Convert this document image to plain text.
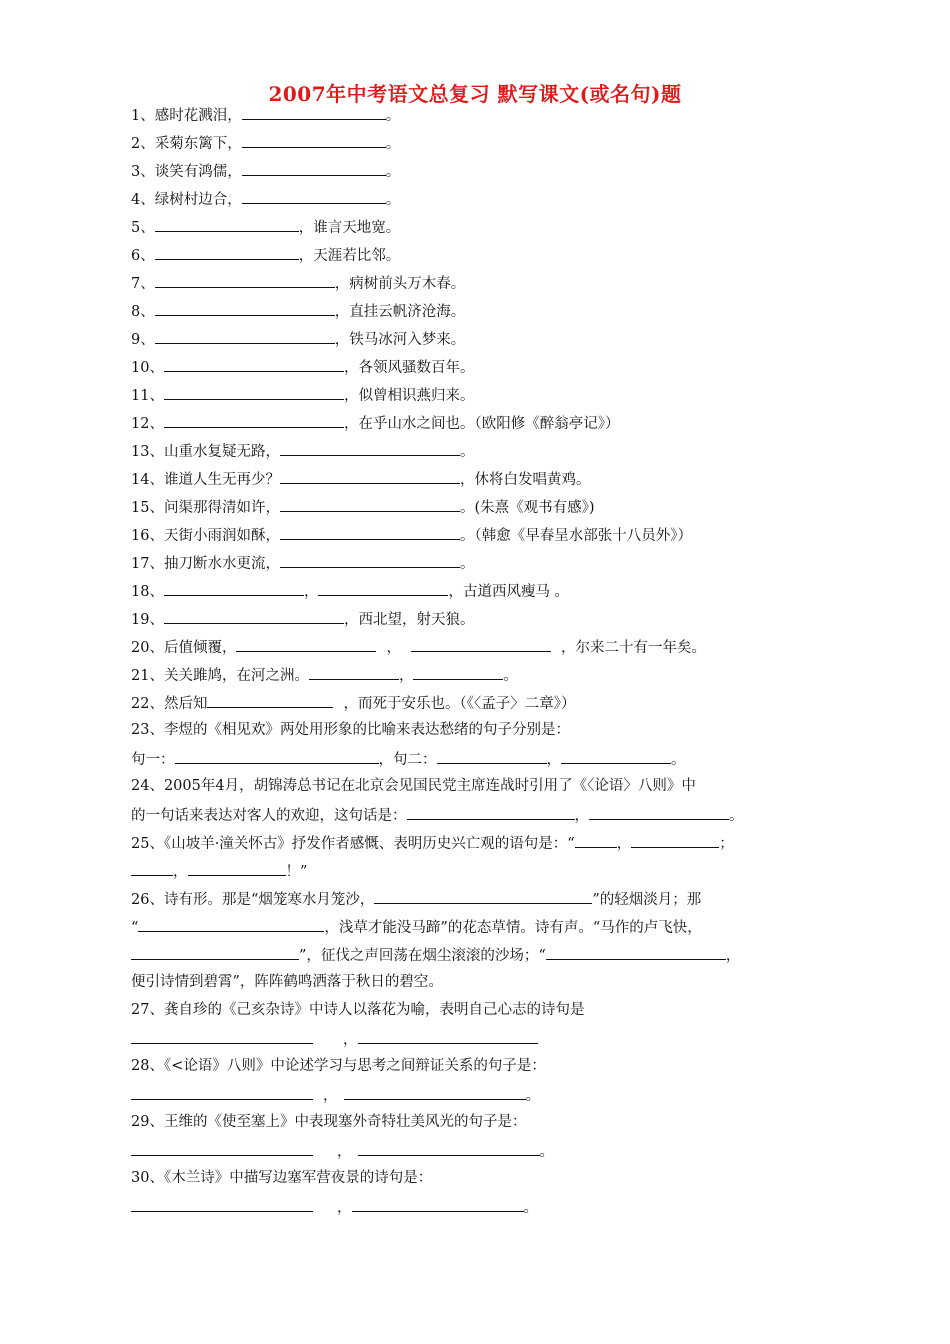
2007年中考语文总复习 默写课文(或名句)题
1、感时花溅泪，	。
2、采菊东篱下，	。
3、谈笑有鸿儒，	。
4、绿树村边合，	。
5、	，谁言天地宽。
6、	，天涯若比邻。
7、	，病树前头万木春。
8、	，直挂云帆济沧海。
9、	，铁马冰河入梦来。
10、	，各领风骚数百年。
11、	，似曾相识燕归来。
12、	，在乎山水之间也。（欧阳修《醉翁亭记》）
13、山重水复疑无路，	。
14、谁道人生无再少？	，休将白发唱黄鸡。
15、问渠那得清如许，	。(朱熹《观书有感》)
16、天街小雨润如酥，	。（韩愈《早春呈水部张十八员外》）
17、抽刀断水水更流，	。
18、	，	，古道西风瘦马 。
19、	，西北望，射天狼。
20、后值倾覆，	，	，尔来二十有一年矣。
21、关关雎鸠，在河之洲。	，	。
22、然后知	，而死于安乐也。（《〈孟子〉二章》）
23、李煜的《相见欢》两处用形象的比喻来表达愁绪的句子分别是：
句一：	，句二：	，	。
24、2005年4月，胡锦涛总书记在北京会见国民党主席连战时引用了《〈论语〉八则》中
的一句话来表达对客人的欢迎，这句话是：	，	。
25、《山坡羊·潼关怀古》抒发作者感慨、表明历史兴亡观的语句是：“	，	；
，	！”
26、诗有形。那是“烟笼寒水月笼沙，	”的轻烟淡月；那
“	，浅草才能没马蹄”的花态草情。诗有声。“马作的卢飞快，
”，征伐之声回荡在烟尘滚滚的沙场；“	，
便引诗情到碧霄”，阵阵鹤鸣洒落于秋日的碧空。
27、龚自珍的《己亥杂诗》中诗人以落花为喻，表明自己心志的诗句是
，
28、《<论语》八则》中论述学习与思考之间辩证关系的句子是：
，	。
29、王维的《使至塞上》中表现塞外奇特壮美风光的句子是：
，	。
30、《木兰诗》中描写边塞军营夜景的诗句是：
，	。
